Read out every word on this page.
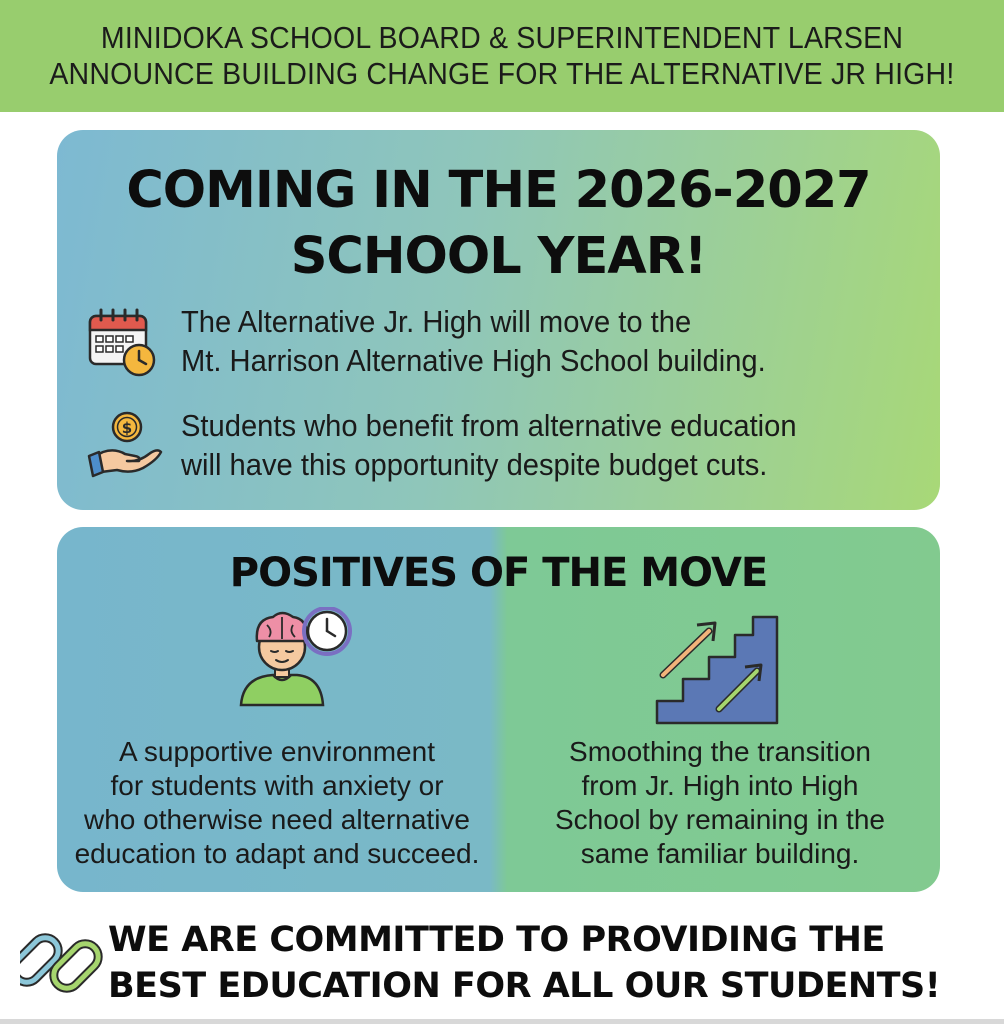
MINIDOKA SCHOOL BOARD & SUPERINTENDENT LARSEN
ANNOUNCE BUILDING CHANGE FOR THE ALTERNATIVE JR HIGH!
COMING IN THE 2026-2027
SCHOOL YEAR!
The Alternative Jr. High will move to the
Mt. Harrison Alternative High School building.
$ Students who benefit from alternative education
will have this opportunity despite budget cuts.
POSITIVES OF THE MOVE
A supportive environment
for students with anxiety or
who otherwise need alternative
education to adapt and succeed.
Smoothing the transition
from Jr. High into High
School by remaining in the
same familiar building.
WE ARE COMMITTED TO PROVIDING THE
BEST EDUCATION FOR ALL OUR STUDENTS!
